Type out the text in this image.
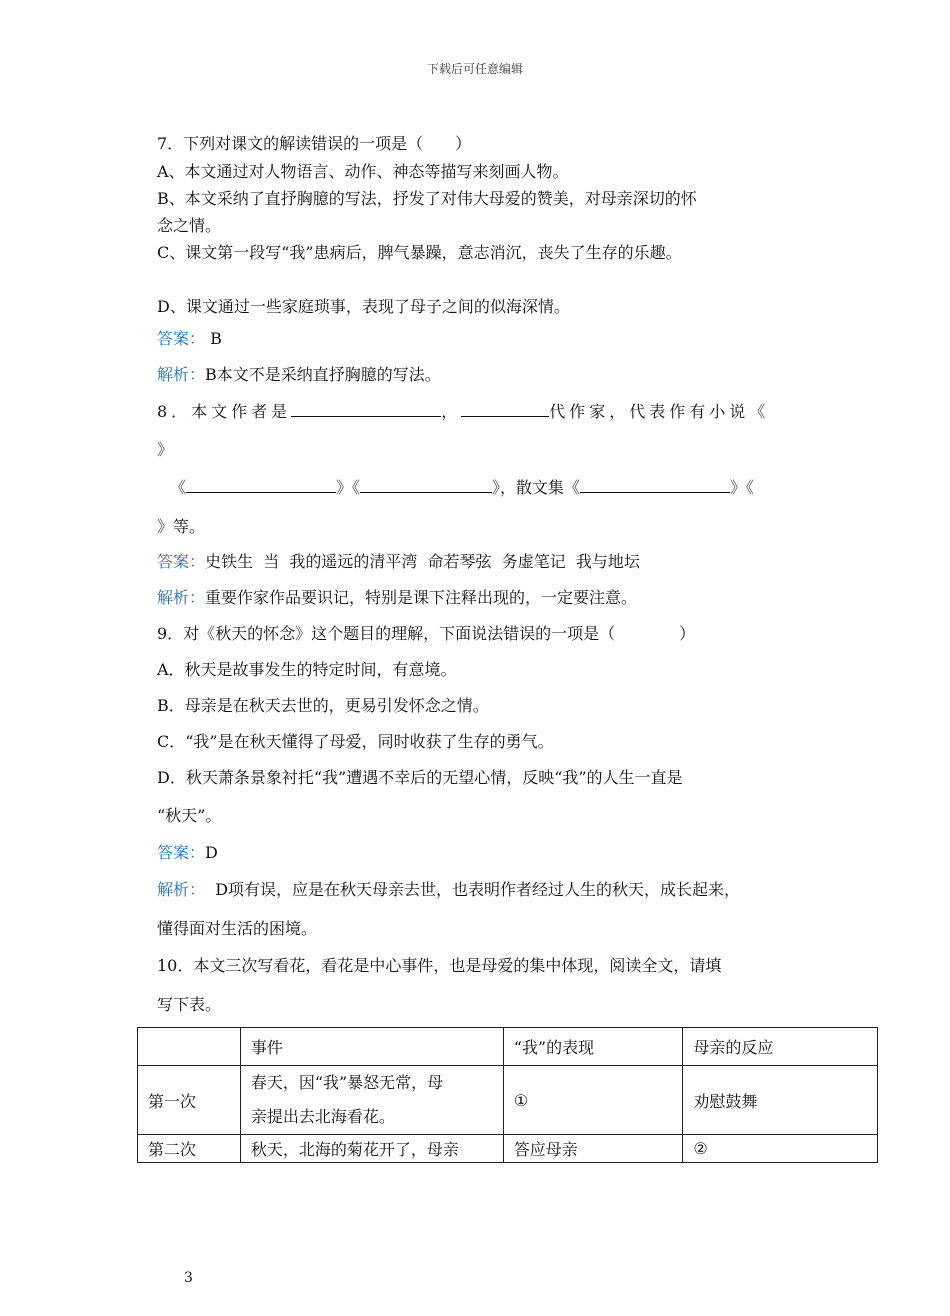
下载后可任意编辑
7．下列对课文的解读错误的一项是（　　）
A、本文通过对人物语言、动作、神态等描写来刻画人物。
B、本文采纳了直抒胸臆的写法，抒发了对伟大母爱的赞美，对母亲深切的怀
念之情。
C、课文第一段写“我”患病后，脾气暴躁，意志消沉，丧失了生存的乐趣。
D、课文通过一些家庭琐事，表现了母子之间的似海深情。
答案： B
解析：B本文不是采纳直抒胸臆的写法。
8．本文作者是	，	代作家，代表作有小说《
》
《	》《	》，散文集《	》《
》等。
答案：史铁生  当  我的遥远的清平湾  命若琴弦  务虚笔记  我与地坛
解析：重要作家作品要识记，特别是课下注释出现的，一定要注意。
9．对《秋天的怀念》这个题目的理解，下面说法错误的一项是（　　　　）
A．秋天是故事发生的特定时间，有意境。
B．母亲是在秋天去世的，更易引发怀念之情。
C．“我”是在秋天懂得了母爱，同时收获了生存的勇气。
D．秋天萧条景象衬托“我”遭遇不幸后的无望心情，反映“我”的人生一直是
“秋天”。
答案：D
解析：  D项有误，应是在秋天母亲去世，也表明作者经过人生的秋天，成长起来，
懂得面对生活的困境。
10．本文三次写看花，看花是中心事件，也是母爱的集中体现，阅读全文，请填
写下表。
	事件	“我”的表现	母亲的反应
第一次	春天，因“我”暴怒无常，母
亲提出去北海看花。	①	劝慰鼓舞
第二次	秋天，北海的菊花开了，母亲	答应母亲	②
3
